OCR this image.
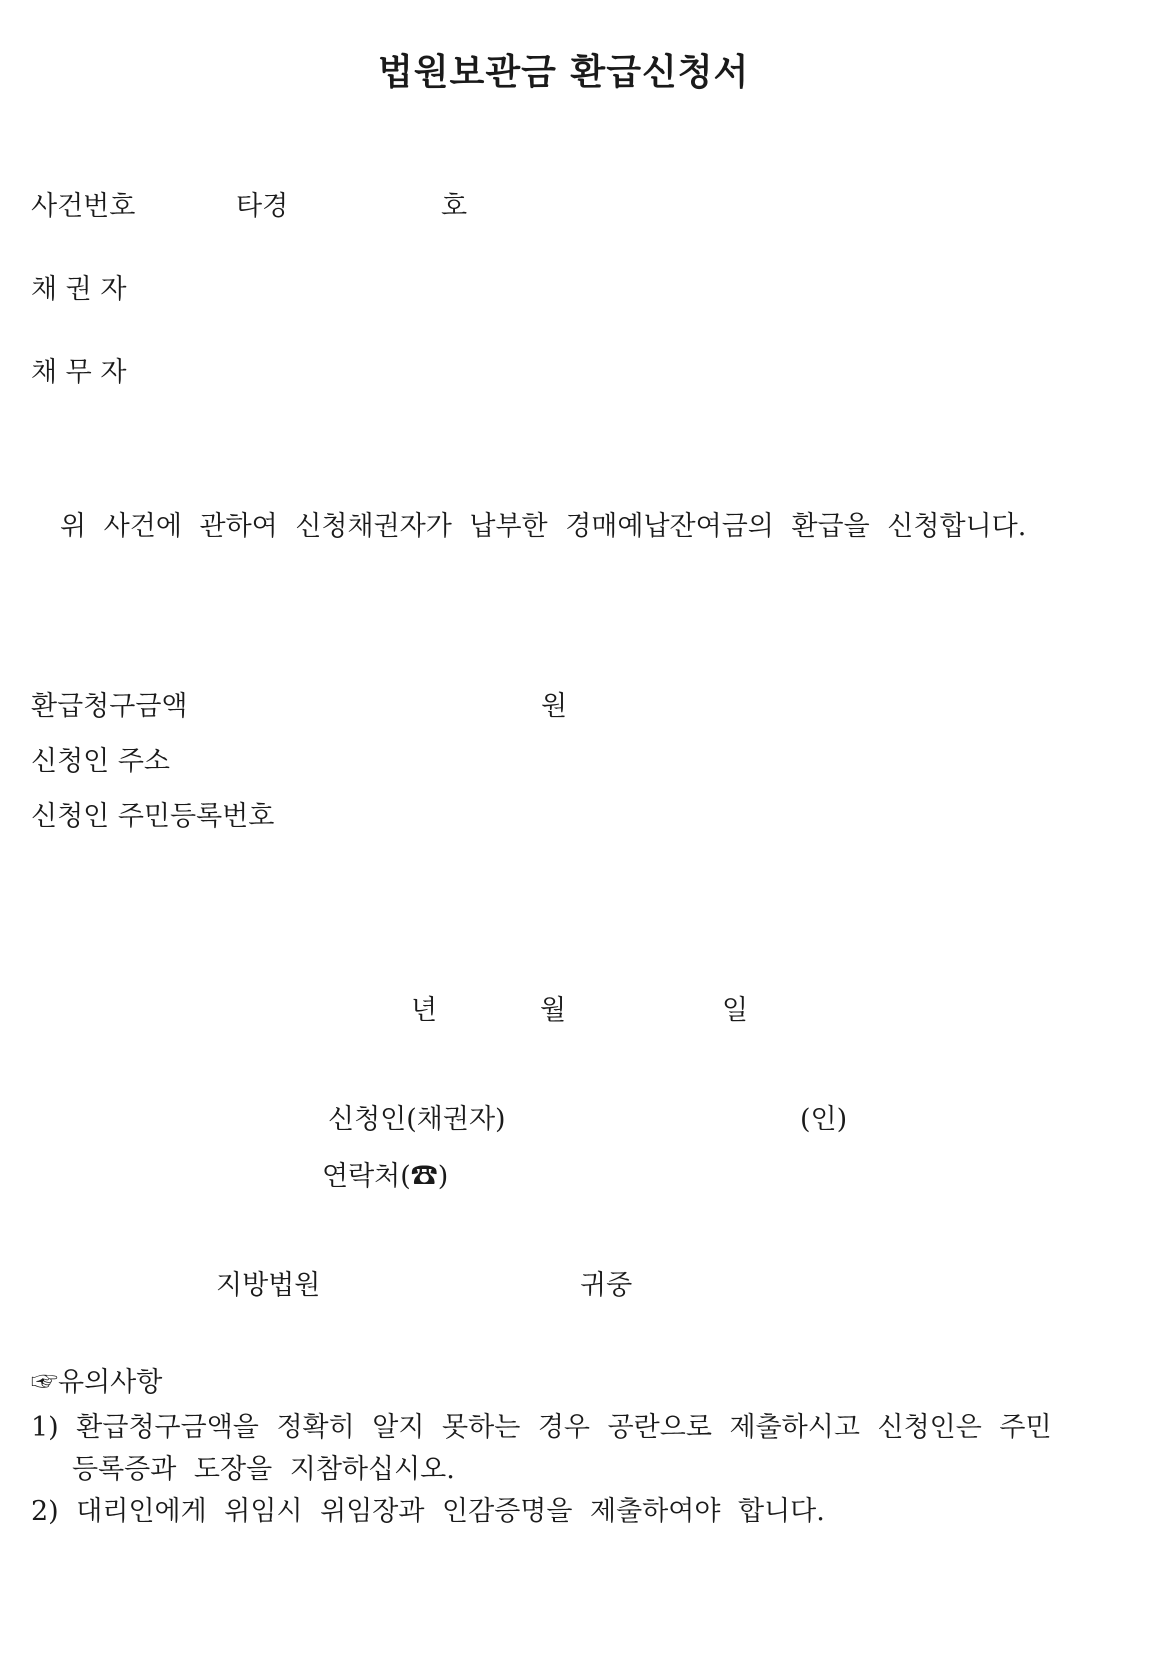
법원보관금 환급신청서
사건번호	타경	호
채 권 자
채 무 자
위 사건에 관하여 신청채권자가 납부한 경매예납잔여금의 환급을 신청합니다.
환급청구금액	원
신청인 주소
신청인 주민등록번호
년	월	일
신청인(채권자)	(인)
연락처(☎)
지방법원	귀중
☞유의사항
1) 환급청구금액을 정확히 알지 못하는 경우 공란으로 제출하시고 신청인은 주민
등록증과 도장을 지참하십시오.
2) 대리인에게 위임시 위임장과 인감증명을 제출하여야 합니다.
